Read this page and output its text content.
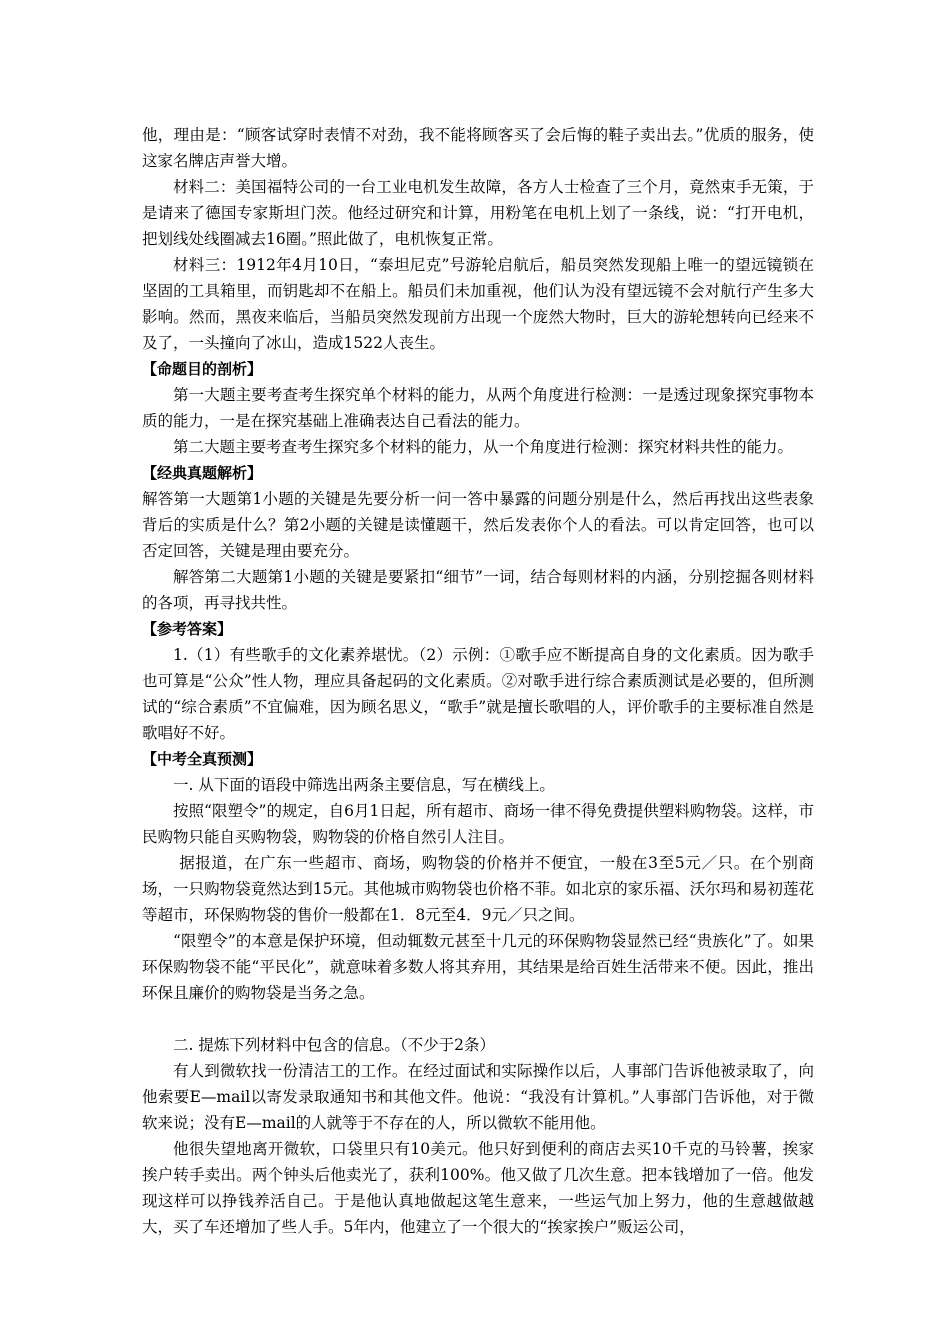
他，理由是：“顾客试穿时表情不对劲，我不能将顾客买了会后悔的鞋子卖出去。”优质的服务，使这家名牌店声誉大增。

材料二：美国福特公司的一台工业电机发生故障，各方人士检查了三个月，竟然束手无策，于是请来了德国专家斯坦门茨。他经过研究和计算，用粉笔在电机上划了一条线，说：“打开电机，把划线处线圈减去16圈。”照此做了，电机恢复正常。

材料三：1912年4月10日，“泰坦尼克”号游轮启航后，船员突然发现船上唯一的望远镜锁在坚固的工具箱里，而钥匙却不在船上。船员们未加重视，他们认为没有望远镜不会对航行产生多大影响。然而，黑夜来临后，当船员突然发现前方出现一个庞然大物时，巨大的游轮想转向已经来不及了，一头撞向了冰山，造成1522人丧生。

【命题目的剖析】

第一大题主要考查考生探究单个材料的能力，从两个角度进行检测：一是透过现象探究事物本质的能力，一是在探究基础上准确表达自己看法的能力。

第二大题主要考查考生探究多个材料的能力，从一个角度进行检测：探究材料共性的能力。

【经典真题解析】

解答第一大题第1小题的关键是先要分析一问一答中暴露的问题分别是什么，然后再找出这些表象背后的实质是什么？第2小题的关键是读懂题干，然后发表你个人的看法。可以肯定回答，也可以否定回答，关键是理由要充分。

解答第二大题第1小题的关键是要紧扣“细节”一词，结合每则材料的内涵，分别挖掘各则材料的各项，再寻找共性。

【参考答案】

1.（1）有些歌手的文化素养堪忧。（2）示例：①歌手应不断提高自身的文化素质。因为歌手也可算是“公众”性人物，理应具备起码的文化素质。②对歌手进行综合素质测试是必要的，但所测试的“综合素质”不宜偏难，因为顾名思义，“歌手”就是擅长歌唱的人，评价歌手的主要标准自然是歌唱好不好。

【中考全真预测】

一. 从下面的语段中筛选出两条主要信息，写在横线上。

按照“限塑令”的规定，自6月1日起，所有超市、商场一律不得免费提供塑料购物袋。这样，市民购物只能自买购物袋，购物袋的价格自然引人注目。

据报道，在广东一些超市、商场，购物袋的价格并不便宜，一般在3至5元／只。在个别商场，一只购物袋竟然达到15元。其他城市购物袋也价格不菲。如北京的家乐福、沃尔玛和易初莲花等超市，环保购物袋的售价一般都在1．8元至4．9元／只之间。

“限塑令”的本意是保护环境，但动辄数元甚至十几元的环保购物袋显然已经“贵族化”了。如果环保购物袋不能“平民化”，就意味着多数人将其弃用，其结果是给百姓生活带来不便。因此，推出环保且廉价的购物袋是当务之急。

二. 提炼下列材料中包含的信息。（不少于2条）

有人到微软找一份清洁工的工作。在经过面试和实际操作以后，人事部门告诉他被录取了，向他索要E—mail以寄发录取通知书和其他文件。他说：“我没有计算机。”人事部门告诉他，对于微软来说；没有E—mail的人就等于不存在的人，所以微软不能用他。

他很失望地离开微软，口袋里只有10美元。他只好到便利的商店去买10千克的马铃薯，挨家挨户转手卖出。两个钟头后他卖光了，获利100%。他又做了几次生意。把本钱增加了一倍。他发现这样可以挣钱养活自己。于是他认真地做起这笔生意来，一些运气加上努力，他的生意越做越大，买了车还增加了些人手。5年内，他建立了一个很大的“挨家挨户”贩运公司，
